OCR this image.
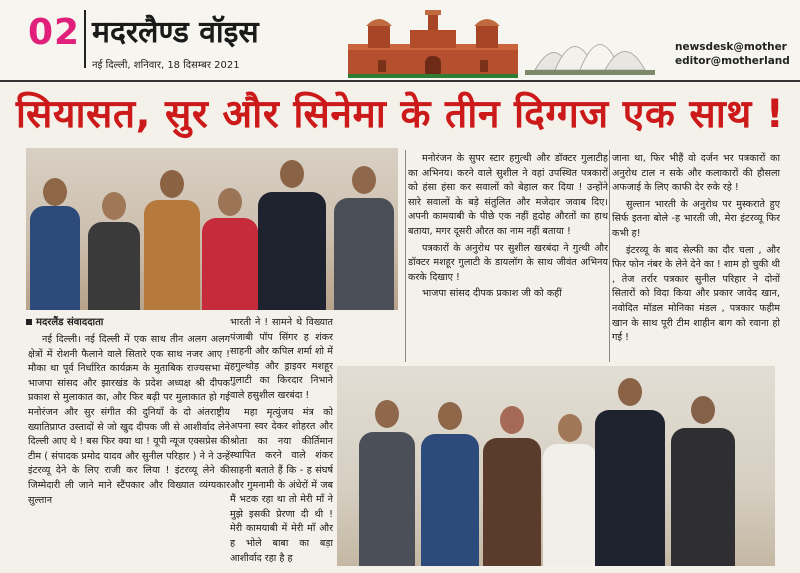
02 मदरलैण्ड वॉइस
नई दिल्ली, शनिवार, 18 दिसम्बर 2021
newsdesk@mother
editor@motherland
सियासत, सुर और सिनेमा के तीन दिग्गज एक साथ !
मदरलैंड संवाददाता

नई दिल्ली। नई दिल्ली में एक साथ तीन अलग अलग क्षेत्रों में रोशनी फैलाने वाले सितारे एक साथ नजर आए ! मौका था पूर्व निर्धारित कार्यक्रम के मुताबिक राज्यसभा में भाजपा सांसद और झारखंड के प्रदेश अध्यक्ष श्री दीपक प्रकाश से मुलाकात का, और फिर बढ़ी पर मुलाकात हो गई मनोरंजन और सुर संगीत की दुनियाँ के दो अंतराष्ट्रीय ख्यातिप्राप्त उस्तादों से जो खुद दीपक जी से आशीर्वाद लेने दिल्ली आए थे ! बस फिर क्या था ! यूपी न्यूज एक्सप्रेस की टीम ( संपादक प्रमोद यादव और सुनील परिहार ) ने ने उन्हें इंटरव्यू देने के लिए राजी कर लिया ! इंटरव्यू लेने की जिम्मेदारी ली जाने माने स्टैंपकार और विख्यात व्यंग्यकार सुल्तान

भारती ने ! सामने थे विख्यात पंजाबी पॉप सिंगर ह शंकर साहनी और कपिल शर्मा शो में हगुल्थोड़ और ड्राइवर मशहूर गुलाटी का किरदार निभाने वाले हसुशील खरबंदा !

महा मृत्युंजय मंत्र को अपना स्वर देकर शोहरत और श्रोता का नया कीर्तिमान स्थापित करने वाले शंकर साहनी बताते हैं कि - ह संघर्ष और गुमनामी के अंधेरों में जब मैं भटक रहा था तो मेरी माँ ने मुझे इसकी प्रेरणा दी थी ! मेरी कामयाबी में मेरी माँ और ह भोले बाबा का बड़ा आशीर्वाद रहा है ह

मनोरंजन के सुपर स्टार हगुत्थी और डॉक्टर गुलाटीह का अभिनय। करने वाले सुशील ने वहां उपस्थित पत्रकारों को हंसा हंसा कर सवालों को बेहाल कर दिया ! उन्होंने सारे सवालों के बड़े संतुलित और मजेदार जवाब दिए। अपनी कामयाबी के पीछे एक नहीं हृदोह औरतों का हाथ बताया, मगर दूसरी औरत का नाम नहीं बताया !

पत्रकारों के अनुरोध पर सुशील खरबंदा ने गुत्थी और डॉक्टर मशहूर गुलाटी के डायलॉग के साथ जीवंत अभिनय करके दिखाए !

भाजपा सांसद दीपक प्रकाश जी को कहीं

जाना था, फिर भीहैं वो दर्जन भर पत्रकारों का अनुरोध टाल न सके और कलाकारों की हौसला अफजाई के लिए काफी देर रुके रहे !

सुल्तान भारती के अनुरोध पर मुस्कराते हुए सिर्फ इतना बोले -ह भारती जी, मेरा इंटरव्यू फिर कभी ह!

इंटरव्यू के बाद सेल्फी का दौर चला , और फिर फोन नंबर के लेने देने का ! शाम हो चुकी थी , तेज तर्रार पत्रकार सुनील परिहार ने दोनों सितारों को विदा किया और प्रकार जावेद खान, नवोदित मॉडल मोनिका मंडल , पत्रकार फहीम खान के साथ पूरी टीम शाहीन बाग को रवाना हो गई !
